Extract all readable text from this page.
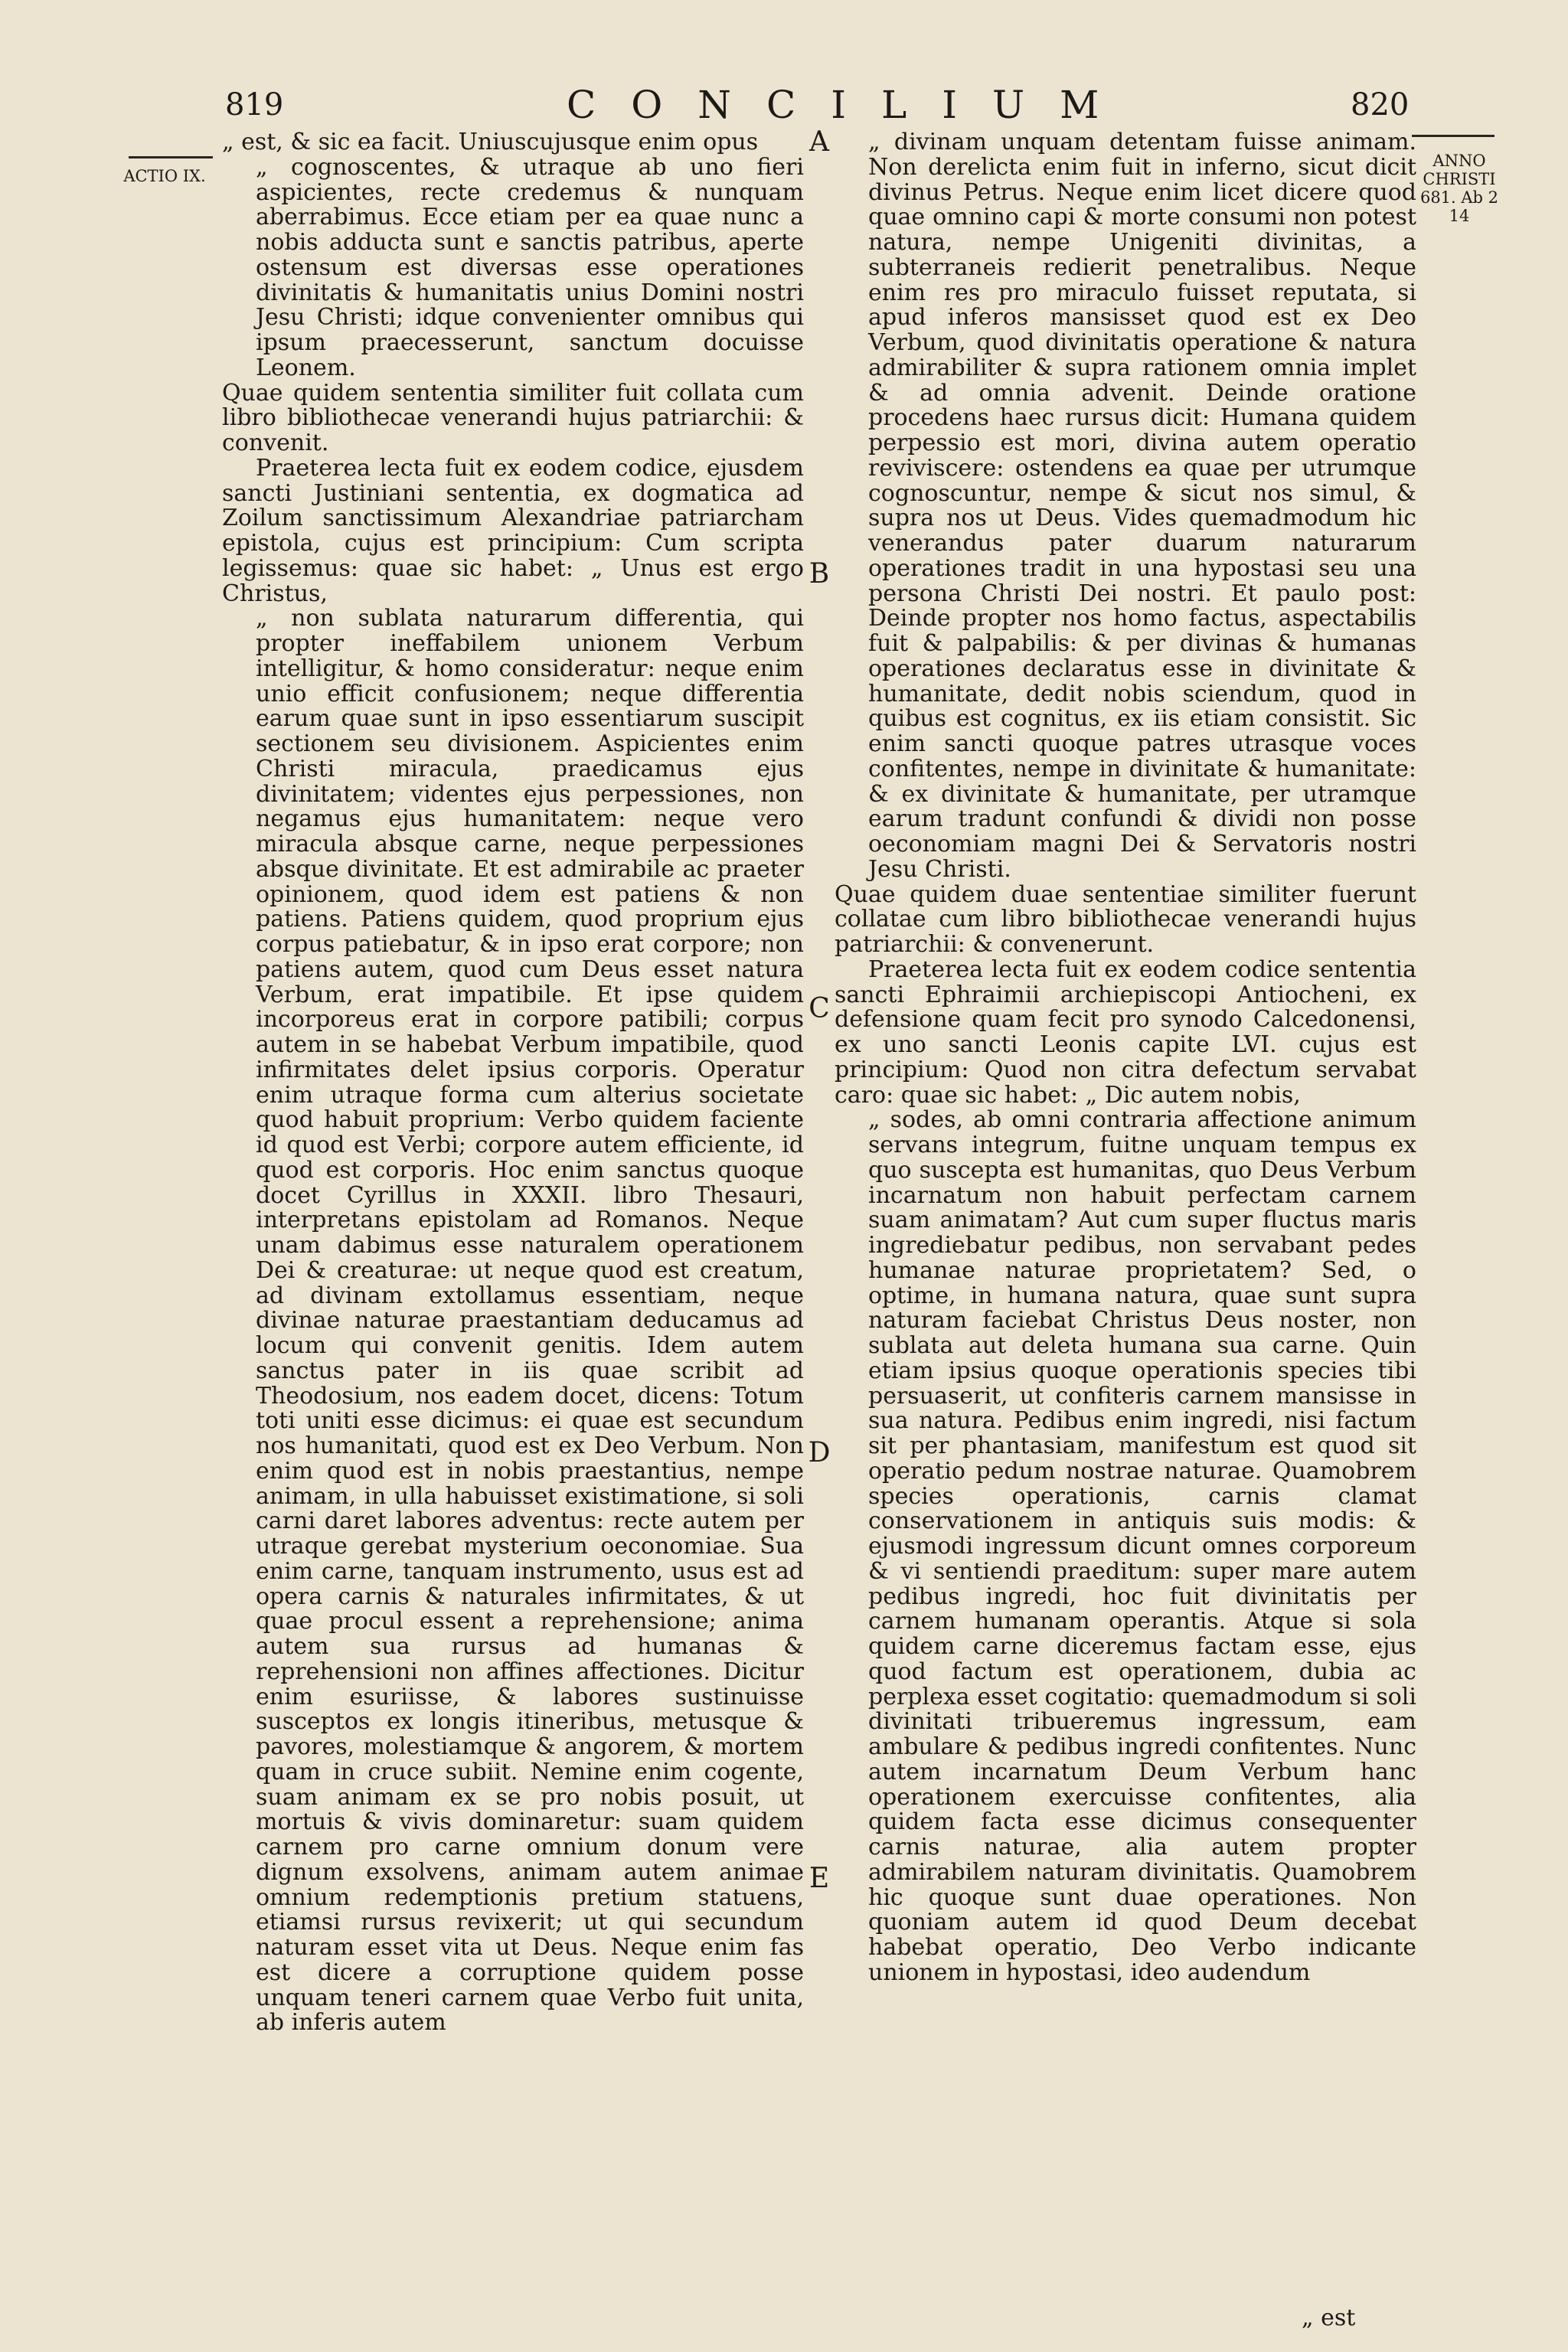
819	CONCILIUM	820
ACTIO IX.
ANNO CHRISTI 681. Ab 2 14

„ est, & sic ea facit. Uniuscujusque enim opus

„ cognoscentes, & utraque ab uno fieri aspicientes, recte credemus & nunquam aberrabimus. Ecce etiam per ea quae nunc a nobis adducta sunt e sanctis patribus, aperte ostensum est diversas esse operationes divinitatis & humanitatis unius Domini nostri Jesu Christi; idque convenienter omnibus qui ipsum praecesserunt, sanctum docuisse Leonem.

Quae quidem sententia similiter fuit collata cum libro bibliothecae venerandi hujus patriarchii: & convenit.

Praeterea lecta fuit ex eodem codice, ejusdem sancti Justiniani sententia, ex dogmatica ad Zoilum sanctissimum Alexandriae patriarcham epistola, cujus est principium: Cum scripta legissemus: quae sic habet: „ Unus est ergo Christus,

„ non sublata naturarum differentia, qui propter ineffabilem unionem Verbum intelligitur, & homo consideratur: neque enim unio efficit confusionem; neque differentia earum quae sunt in ipso essentiarum suscipit sectionem seu divisionem. Aspicientes enim Christi miracula, praedicamus ejus divinitatem; videntes ejus perpessiones, non negamus ejus humanitatem: neque vero miracula absque carne, neque perpessiones absque divinitate. Et est admirabile ac praeter opinionem, quod idem est patiens & non patiens. Patiens quidem, quod proprium ejus corpus patiebatur, & in ipso erat corpore; non patiens autem, quod cum Deus esset natura Verbum, erat impatibile. Et ipse quidem incorporeus erat in corpore patibili; corpus autem in se habebat Verbum impatibile, quod infirmitates delet ipsius corporis. Operatur enim utraque forma cum alterius societate quod habuit proprium: Verbo quidem faciente id quod est Verbi; corpore autem efficiente, id quod est corporis. Hoc enim sanctus quoque docet Cyrillus in XXXII. libro Thesauri, interpretans epistolam ad Romanos. Neque unam dabimus esse naturalem operationem Dei & creaturae: ut neque quod est creatum, ad divinam extollamus essentiam, neque divinae naturae praestantiam deducamus ad locum qui convenit genitis. Idem autem sanctus pater in iis quae scribit ad Theodosium, nos eadem docet, dicens: Totum toti uniti esse dicimus: ei quae est secundum nos humanitati, quod est ex Deo Verbum. Non enim quod est in nobis praestantius, nempe animam, in ulla habuisset existimatione, si soli carni daret labores adventus: recte autem per utraque gerebat mysterium oeconomiae. Sua enim carne, tanquam instrumento, usus est ad opera carnis & naturales infirmitates, & ut quae procul essent a reprehensione; anima autem sua rursus ad humanas & reprehensioni non affines affectiones. Dicitur enim esuriisse, & labores sustinuisse susceptos ex longis itineribus, metusque & pavores, molestiamque & angorem, & mortem quam in cruce subiit. Nemine enim cogente, suam animam ex se pro nobis posuit, ut mortuis & vivis dominaretur: suam quidem carnem pro carne omnium donum vere dignum exsolvens, animam autem animae omnium redemptionis pretium statuens, etiamsi rursus revixerit; ut qui secundum naturam esset vita ut Deus. Neque enim fas est dicere a corruptione quidem posse unquam teneri carnem quae Verbo fuit unita, ab inferis autem

A
B
C
D
E

„ divinam unquam detentam fuisse animam. Non derelicta enim fuit in inferno, sicut dicit divinus Petrus. Neque enim licet dicere quod quae omnino capi & morte consumi non potest natura, nempe Unigeniti divinitas, a subterraneis redierit penetralibus. Neque enim res pro miraculo fuisset reputata, si apud inferos mansisset quod est ex Deo Verbum, quod divinitatis operatione & natura admirabiliter & supra rationem omnia implet & ad omnia advenit. Deinde oratione procedens haec rursus dicit: Humana quidem perpessio est mori, divina autem operatio reviviscere: ostendens ea quae per utrumque cognoscuntur, nempe & sicut nos simul, & supra nos ut Deus. Vides quemadmodum hic venerandus pater duarum naturarum operationes tradit in una hypostasi seu una persona Christi Dei nostri. Et paulo post: Deinde propter nos homo factus, aspectabilis fuit & palpabilis: & per divinas & humanas operationes declaratus esse in divinitate & humanitate, dedit nobis sciendum, quod in quibus est cognitus, ex iis etiam consistit. Sic enim sancti quoque patres utrasque voces confitentes, nempe in divinitate & humanitate: & ex divinitate & humanitate, per utramque earum tradunt confundi & dividi non posse oeconomiam magni Dei & Servatoris nostri Jesu Christi.

Quae quidem duae sententiae similiter fuerunt collatae cum libro bibliothecae venerandi hujus patriarchii: & convenerunt.

Praeterea lecta fuit ex eodem codice sententia sancti Ephraimii archiepiscopi Antiocheni, ex defensione quam fecit pro synodo Calcedonensi, ex uno sancti Leonis capite LVI. cujus est principium: Quod non citra defectum servabat caro: quae sic habet: „ Dic autem nobis,

„ sodes, ab omni contraria affectione animum servans integrum, fuitne unquam tempus ex quo suscepta est humanitas, quo Deus Verbum incarnatum non habuit perfectam carnem suam animatam? Aut cum super fluctus maris ingrediebatur pedibus, non servabant pedes humanae naturae proprietatem? Sed, o optime, in humana natura, quae sunt supra naturam faciebat Christus Deus noster, non sublata aut deleta humana sua carne. Quin etiam ipsius quoque operationis species tibi persuaserit, ut confiteris carnem mansisse in sua natura. Pedibus enim ingredi, nisi factum sit per phantasiam, manifestum est quod sit operatio pedum nostrae naturae. Quamobrem species operationis, carnis clamat conservationem in antiquis suis modis: & ejusmodi ingressum dicunt omnes corporeum & vi sentiendi praeditum: super mare autem pedibus ingredi, hoc fuit divinitatis per carnem humanam operantis. Atque si sola quidem carne diceremus factam esse, ejus quod factum est operationem, dubia ac perplexa esset cogitatio: quemadmodum si soli divinitati tribueremus ingressum, eam ambulare & pedibus ingredi confitentes. Nunc autem incarnatum Deum Verbum hanc operationem exercuisse confitentes, alia quidem facta esse dicimus consequenter carnis naturae, alia autem propter admirabilem naturam divinitatis. Quamobrem hic quoque sunt duae operationes. Non quoniam autem id quod Deum decebat habebat operatio, Deo Verbo indicante unionem in hypostasi, ideo audendum

„ est
